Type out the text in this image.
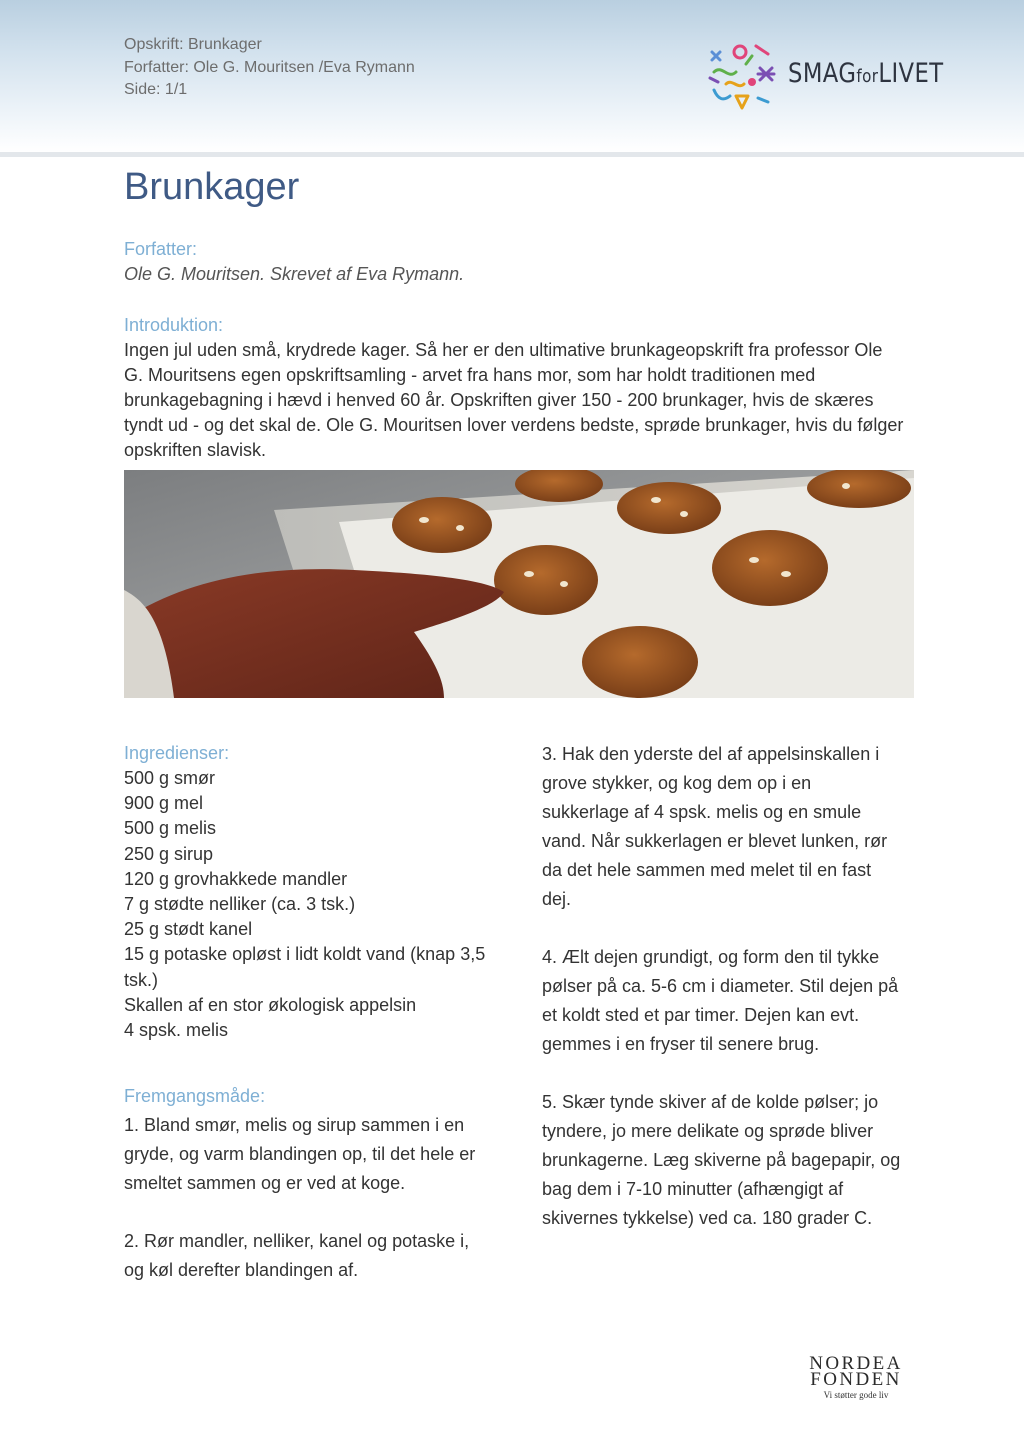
Opskrift: Brunkager
Forfatter: Ole G. Mouritsen /Eva Rymann
Side: 1/1
SMAGforLIVET
Brunkager
Forfatter:
Ole G. Mouritsen. Skrevet af Eva Rymann.
Introduktion:
Ingen jul uden små, krydrede kager. Så her er den ultimative brunkageopskrift fra professor Ole G. Mouritsens egen opskriftsamling - arvet fra hans mor, som har holdt traditionen med brunkagebagning i hævd i henved 60 år. Opskriften giver 150 - 200 brunkager, hvis de skæres tyndt ud - og det skal de. Ole G. Mouritsen lover verdens bedste, sprøde brunkager, hvis du følger opskriften slavisk.
Ingredienser:
500 g smør
900 g mel
500 g melis
250 g sirup
120 g grovhakkede mandler
7 g stødte nelliker (ca. 3 tsk.)
25 g stødt kanel
15 g potaske opløst i lidt koldt vand (knap 3,5 tsk.)
Skallen af en stor økologisk appelsin
4 spsk. melis
Fremgangsmåde:

1. Bland smør, melis og sirup sammen i en gryde, og varm blandingen op, til det hele er smeltet sammen og er ved at koge.

2. Rør mandler, nelliker, kanel og potaske i, og køl derefter blandingen af.

3. Hak den yderste del af appelsinskallen i grove stykker, og kog dem op i en sukkerlage af 4 spsk. melis og en smule vand. Når sukkerlagen er blevet lunken, rør da det hele sammen med melet til en fast dej.

4. Ælt dejen grundigt, og form den til tykke pølser på ca. 5-6 cm i diameter. Stil dejen på et koldt sted et par timer. Dejen kan evt. gemmes i en fryser til senere brug.

5. Skær tynde skiver af de kolde pølser; jo tyndere, jo mere delikate og sprøde bliver brunkagerne. Læg skiverne på bagepapir, og bag dem i 7-10 minutter (afhængigt af skivernes tykkelse) ved ca. 180 grader C.

NORDEA
FONDEN
Vi støtter gode liv
